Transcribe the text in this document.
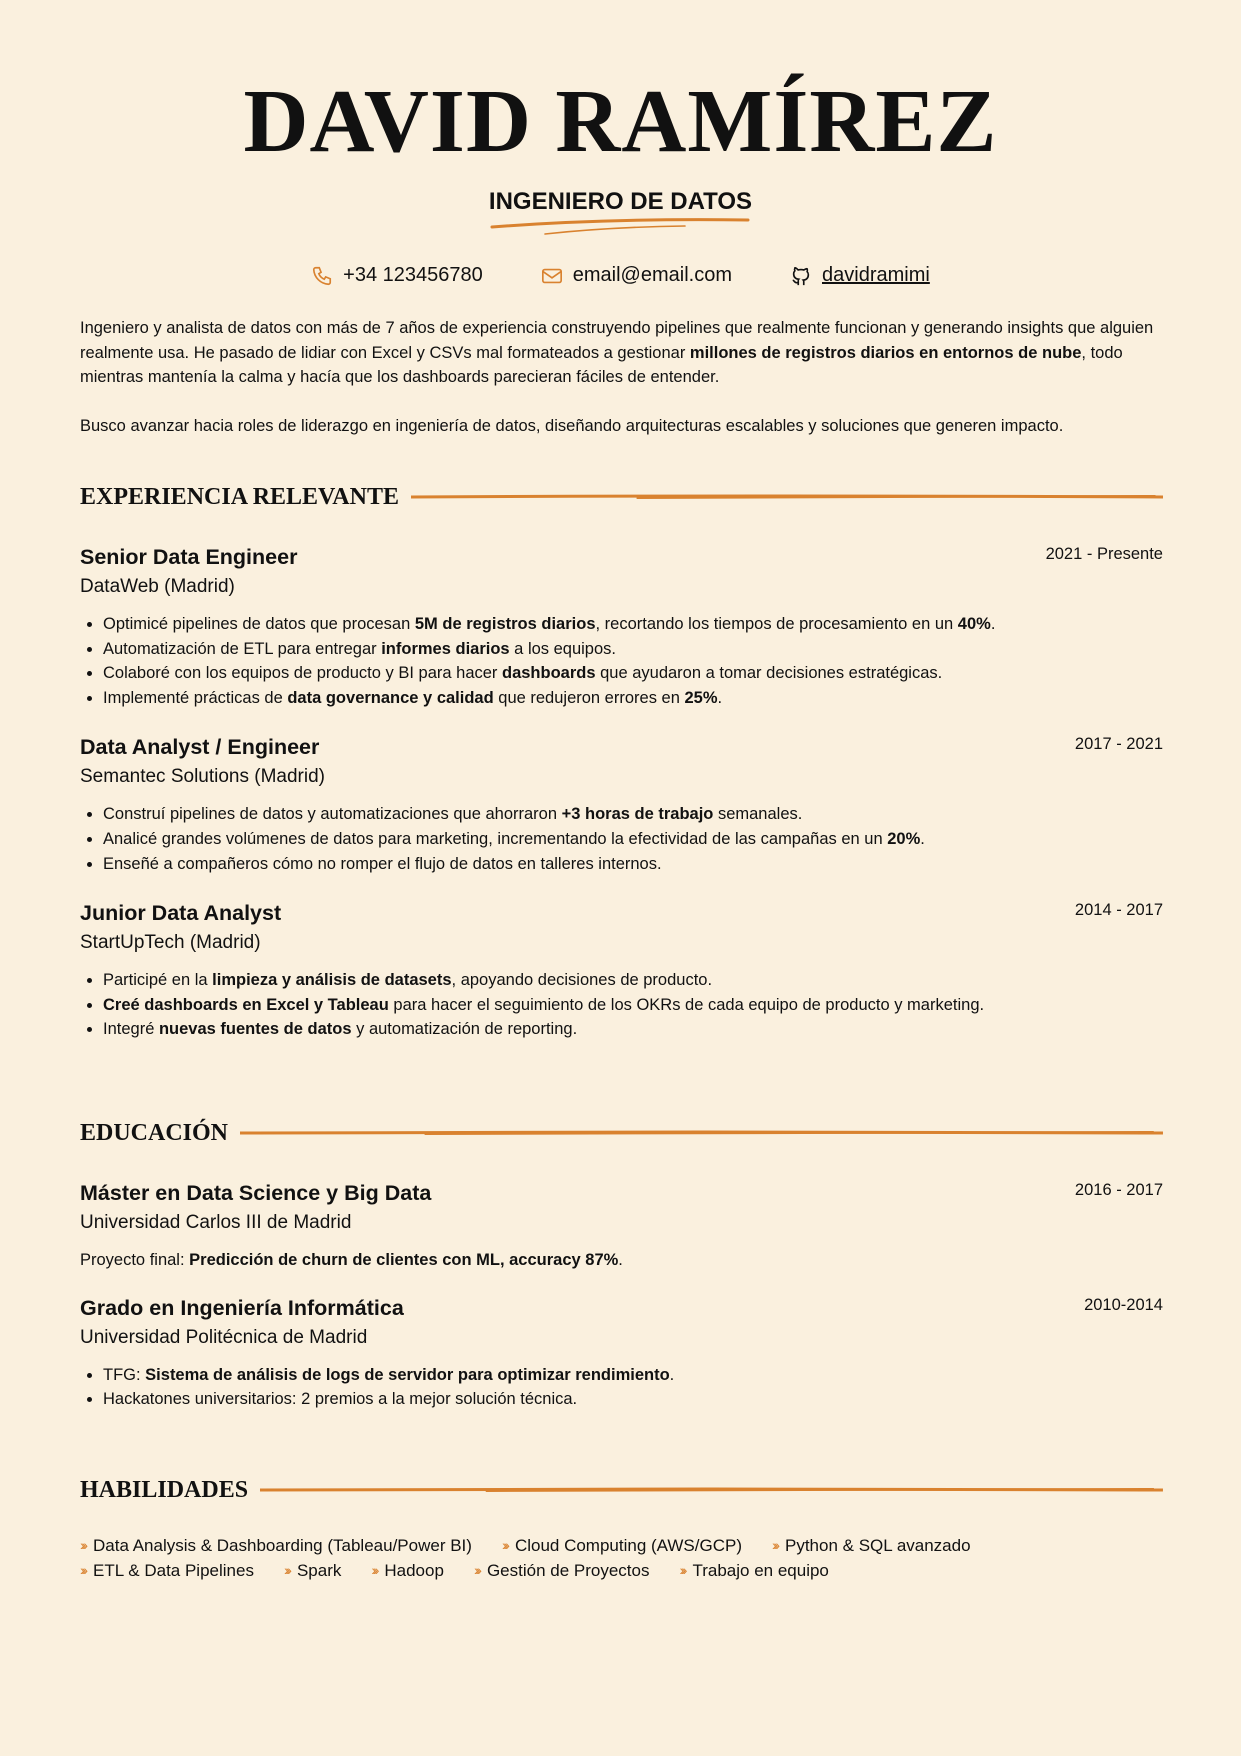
DAVID RAMÍREZ
INGENIERO DE DATOS
+34 123456780	email@email.com	davidramimi

Ingeniero y analista de datos con más de 7 años de experiencia construyendo pipelines que realmente funcionan y generando insights que alguien realmente usa. He pasado de lidiar con Excel y CSVs mal formateados a gestionar millones de registros diarios en entornos de nube, todo mientras mantenía la calma y hacía que los dashboards parecieran fáciles de entender.

Busco avanzar hacia roles de liderazgo en ingeniería de datos, diseñando arquitecturas escalables y soluciones que generen impacto.

EXPERIENCIA RELEVANTE
Senior Data Engineer	2021 - Presente
DataWeb (Madrid)
• Optimicé pipelines de datos que procesan 5M de registros diarios, recortando los tiempos de procesamiento en un 40%.
• Automatización de ETL para entregar informes diarios a los equipos.
• Colaboré con los equipos de producto y BI para hacer dashboards que ayudaron a tomar decisiones estratégicas.
• Implementé prácticas de data governance y calidad que redujeron errores en 25%.
Data Analyst / Engineer	2017 - 2021
Semantec Solutions (Madrid)
• Construí pipelines de datos y automatizaciones que ahorraron +3 horas de trabajo semanales.
• Analicé grandes volúmenes de datos para marketing, incrementando la efectividad de las campañas en un 20%.
• Enseñé a compañeros cómo no romper el flujo de datos en talleres internos.
Junior Data Analyst	2014 - 2017
StartUpTech (Madrid)
• Participé en la limpieza y análisis de datasets, apoyando decisiones de producto.
• Creé dashboards en Excel y Tableau para hacer el seguimiento de los OKRs de cada equipo de producto y marketing.
• Integré nuevas fuentes de datos y automatización de reporting.
EDUCACIÓN
Máster en Data Science y Big Data	2016 - 2017
Universidad Carlos III de Madrid

Proyecto final: Predicción de churn de clientes con ML, accuracy 87%.

Grado en Ingeniería Informática	2010-2014
Universidad Politécnica de Madrid
• TFG: Sistema de análisis de logs de servidor para optimizar rendimiento.
• Hackatones universitarios: 2 premios a la mejor solución técnica.
HABILIDADES
››› Data Analysis & Dashboarding (Tableau/Power BI) ››› Cloud Computing (AWS/GCP) ››› Python & SQL avanzado
››› ETL & Data Pipelines ››› Spark ››› Hadoop ››› Gestión de Proyectos ››› Trabajo en equipo
